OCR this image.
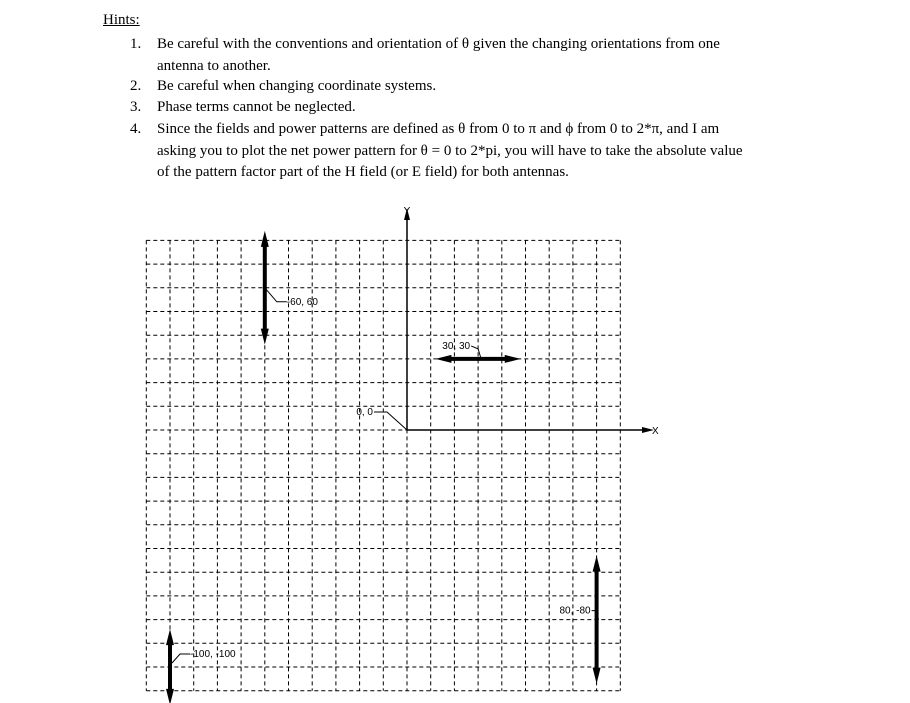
Hints:
1. Be careful with the conventions and orientation of θ given the changing orientations from one
antenna to another.
2. Be careful when changing coordinate systems.
3. Phase terms cannot be neglected.
4. Since the fields and power patterns are defined as θ from 0 to π and ϕ from 0 to 2*π, and I am
asking you to plot the net power pattern for θ = 0 to 2*pi, you will have to take the absolute value
of the pattern factor part of the H field (or E field) for both antennas.
Y
X
0, 0
-60, 60
30, 30
80, -80
-100, -100
